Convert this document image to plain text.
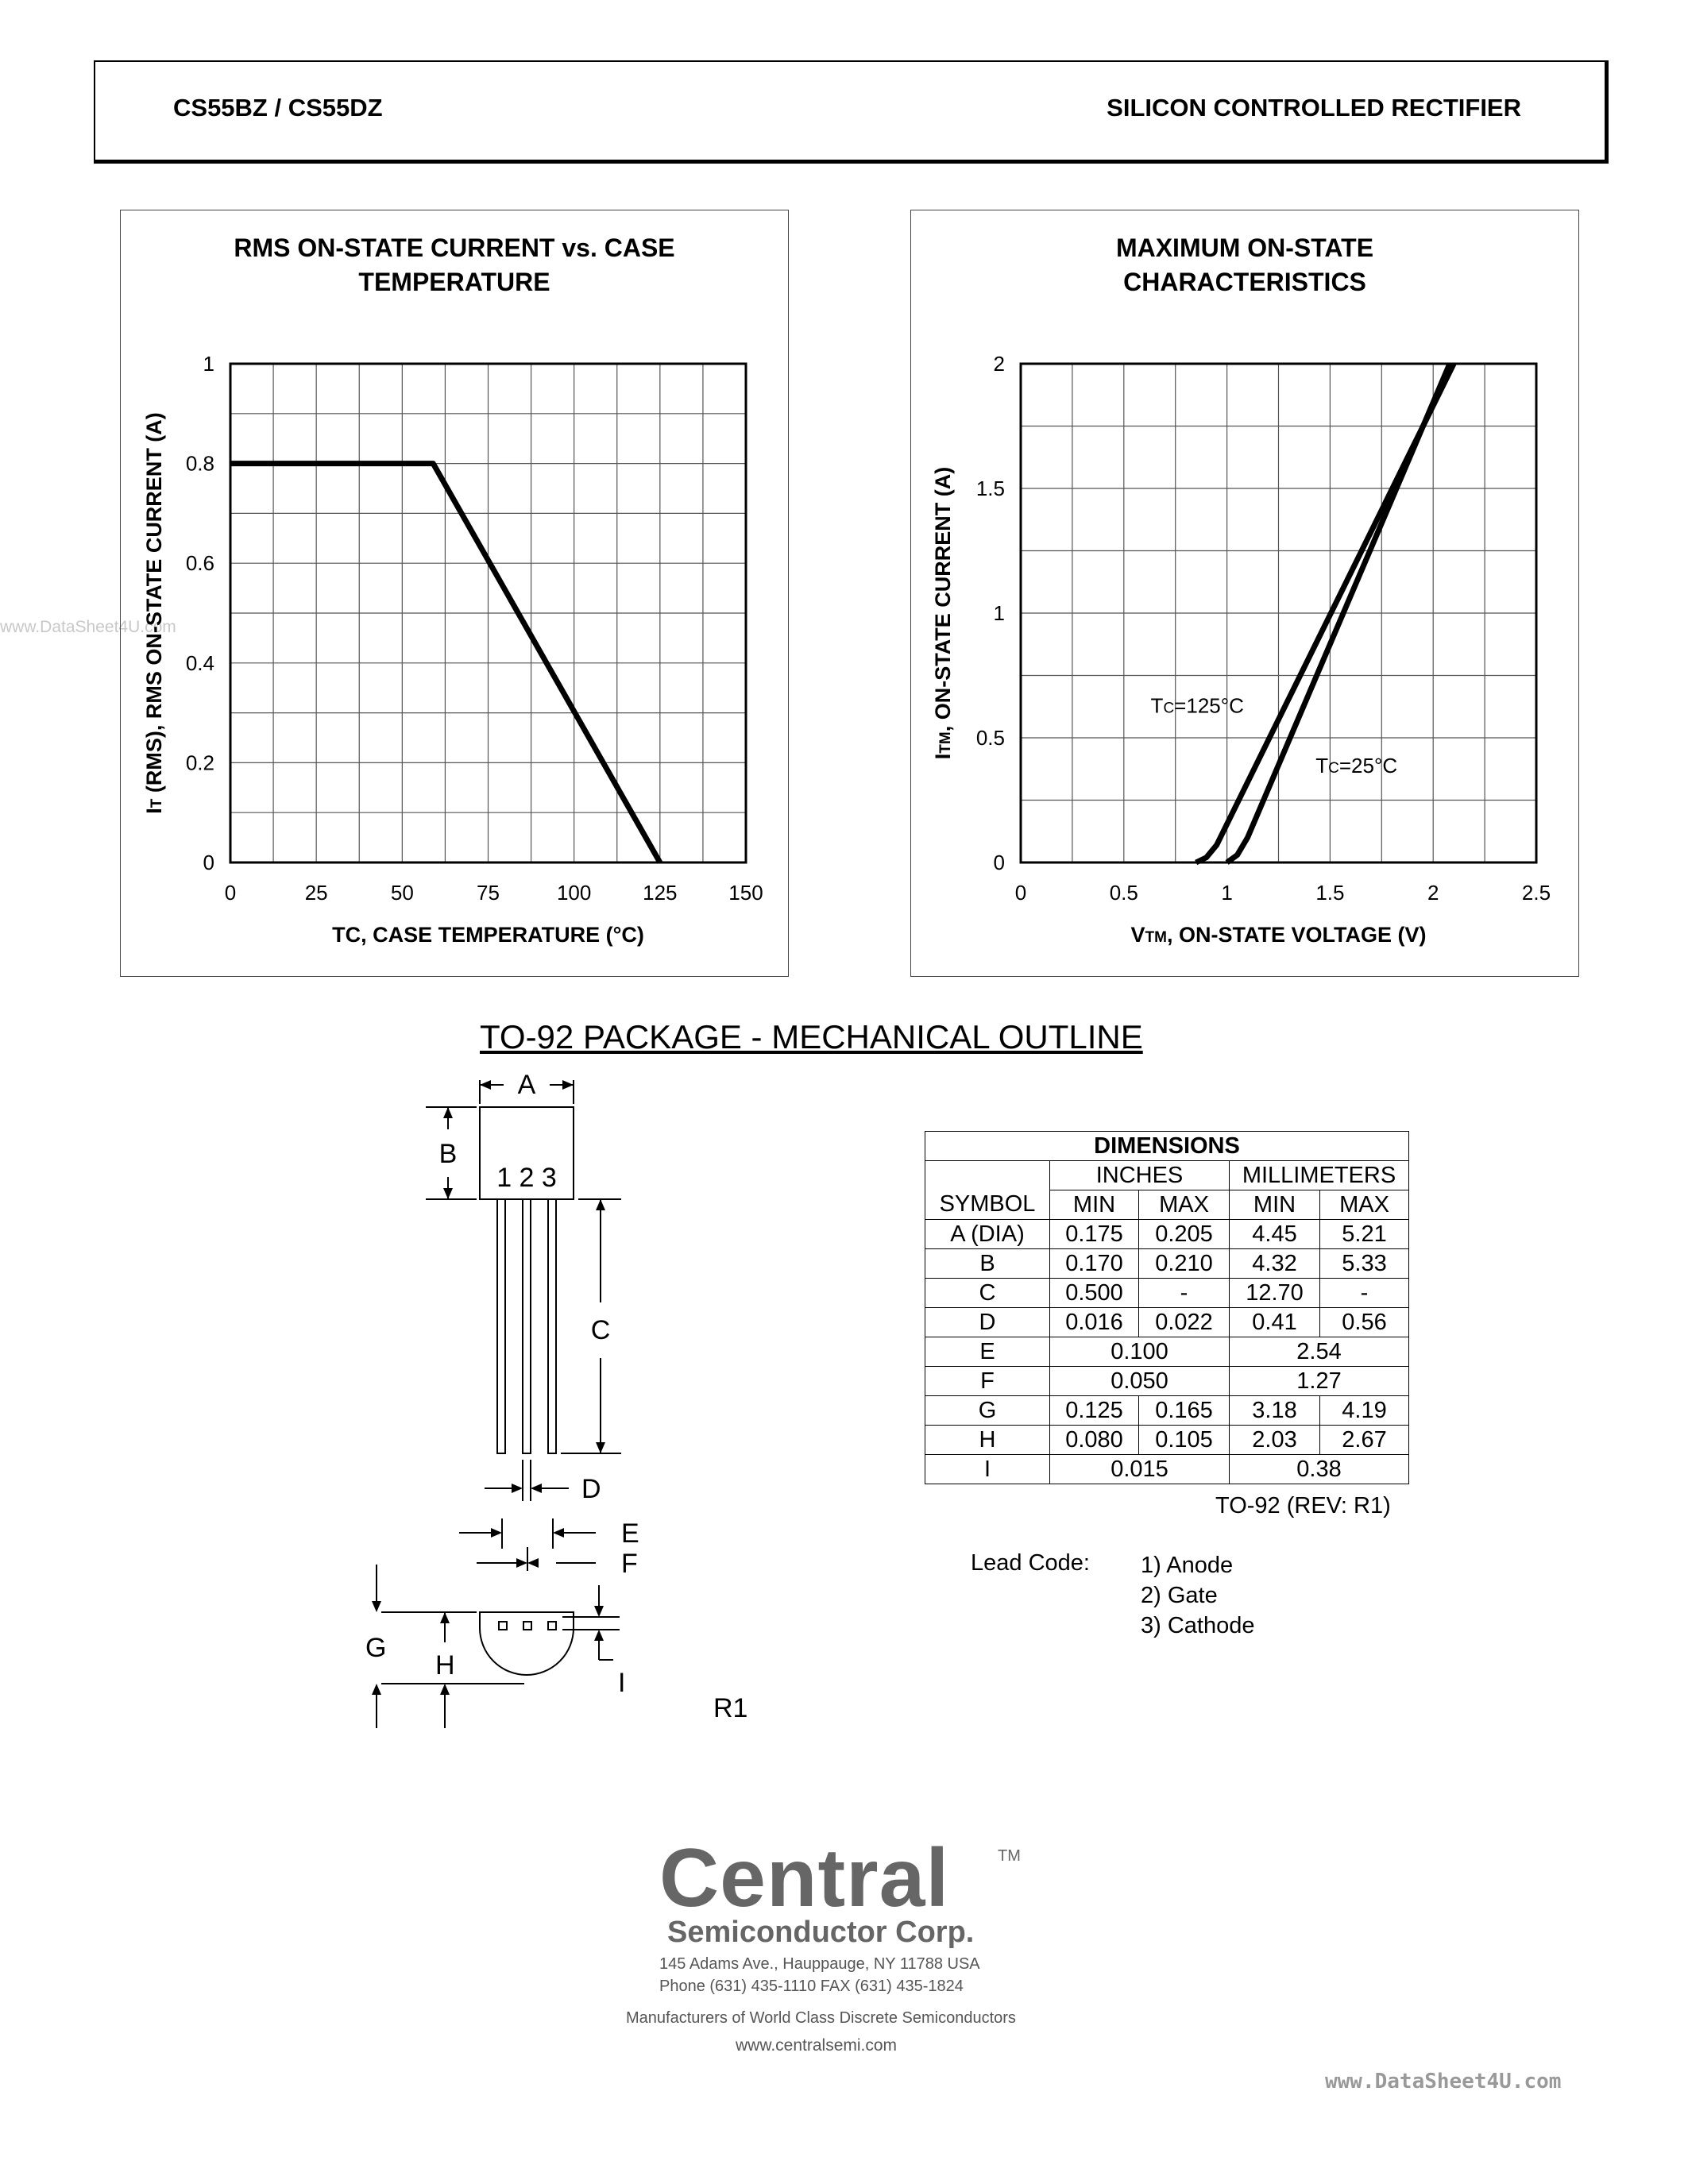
CS55BZ / CS55DZ	SILICON CONTROLLED RECTIFIER
www.DataSheet4U.com
RMS ON-STATE CURRENT vs. CASE
TEMPERATURE
0	25	50	75	100 125 150
0
0.2
0.4
0.6
0.8
1
TC, CASE TEMPERATURE (°C)
IT (RMS), RMS ON-STATE CURRENT (A)
MAXIMUM ON-STATE
CHARACTERISTICS
0	0.5	1	1.5	2	2.5
0
0.5
1
1.5
2
VTM, ON-STATE VOLTAGE (V)
ITM, ON-STATE CURRENT (A)	TC=125°C
TC=25°C
TO-92 PACKAGE - MECHANICAL OUTLINE
A
B
1 2 3
C
D
E
F
G
H
I
R1
DIMENSIONS				
	INCHES		MILLIMETERS	
SYMBOL	MIN	MAX	MIN	MAX
A (DIA)	0.175	0.205	4.45	5.21
B	0.170	0.210	4.32	5.33
C	0.500	-	12.70	-
D	0.016	0.022	0.41	0.56
E	0.100		2.54	
F	0.050		1.27	
G	0.125	0.165	3.18	4.19
H	0.080	0.105	2.03	2.67
I	0.015		0.38	
TO-92 (REV: R1)
Lead Code: 1) Anode
2) Gate
3) Cathode
Central	TM
Semiconductor Corp.
145 Adams Ave., Hauppauge, NY 11788 USA
Phone (631) 435-1110 FAX (631) 435-1824
Manufacturers of World Class Discrete Semiconductors
www.centralsemi.com
www.DataSheet4U.com
